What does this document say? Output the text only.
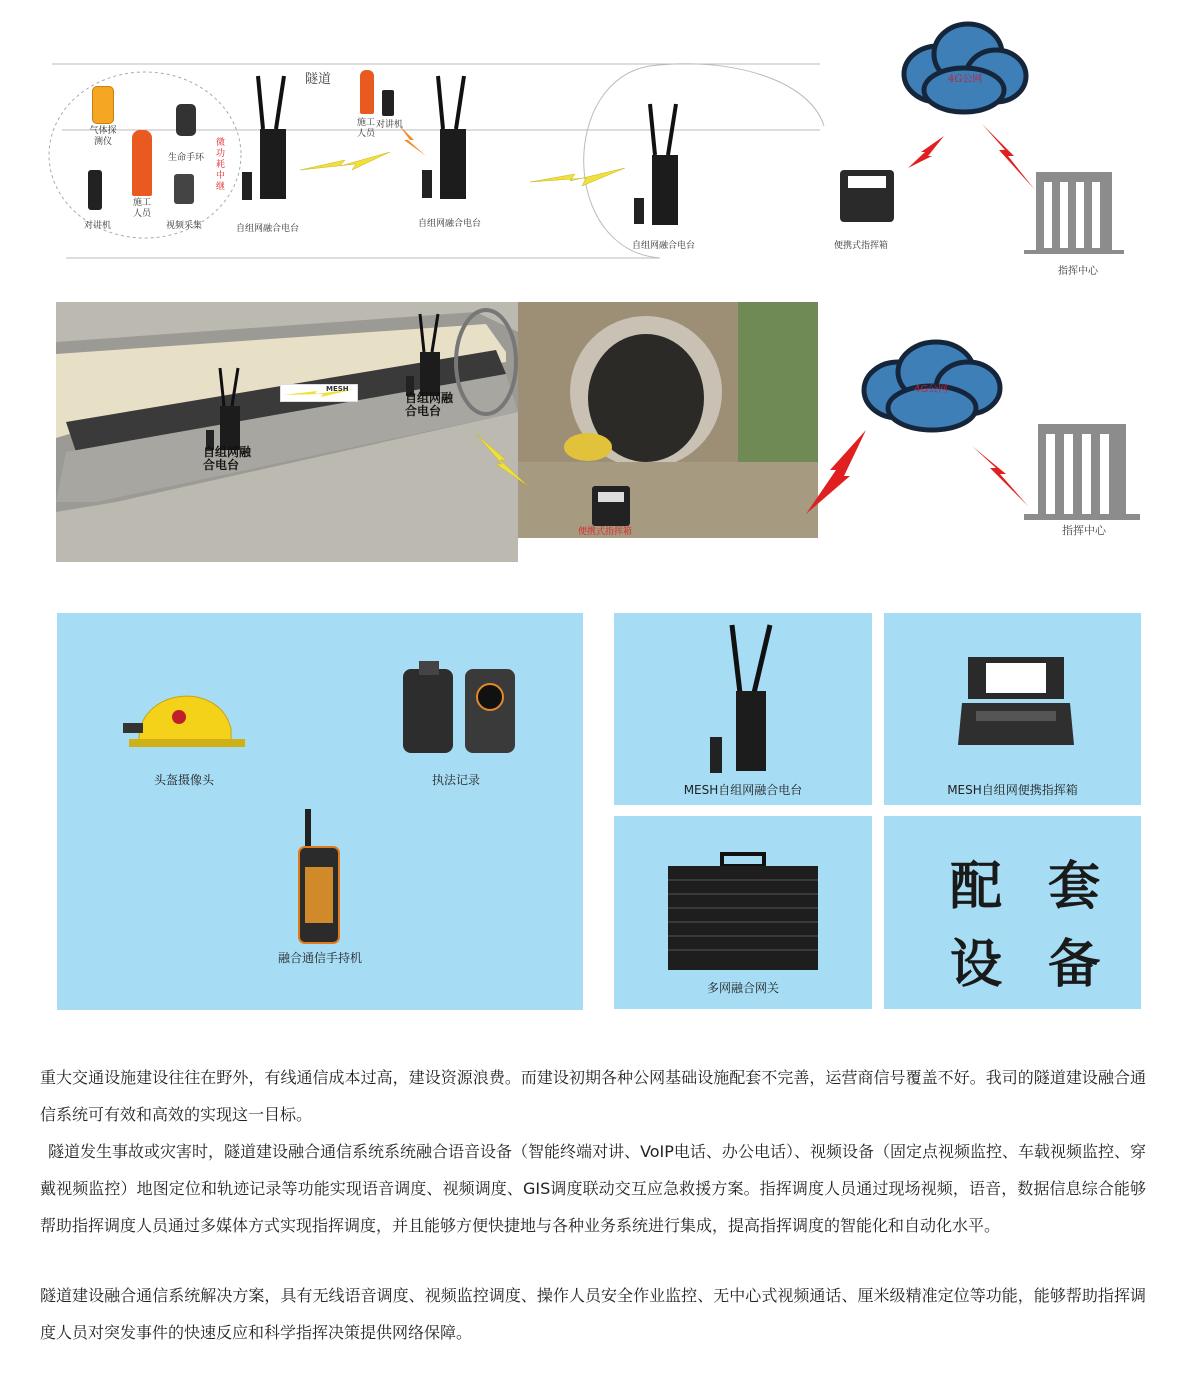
隧道
气体探测仪
生命手环
施工人员
对讲机	视频采集
微功耗中继
自组网融合电台
施工人员
对讲机
自组网融合电台
自组网融合电台	便携式指挥箱
4G公网
指挥中心
自组网融合电台
自组网融合电台
MESH
便携式指挥箱
4G公网
指挥中心
头盔摄像头	执法记录
融合通信手持机
MESH自组网融合电台	MESH自组网便携指挥箱
多网融合网关
配 套
设 备
重大交通设施建设往往在野外，有线通信成本过高，建设资源浪费。而建设初期各种公网基础设施配套不完善，运营商信号覆盖不好。我司的隧道建设融合通信系统可有效和高效的实现这一目标。
隧道发生事故或灾害时，隧道建设融合通信系统系统融合语音设备（智能终端对讲、VoIP电话、办公电话）、视频设备（固定点视频监控、车载视频监控、穿戴视频监控）地图定位和轨迹记录等功能实现语音调度、视频调度、GIS调度联动交互应急救援方案。指挥调度人员通过现场视频，语音，数据信息综合能够帮助指挥调度人员通过多媒体方式实现指挥调度，并且能够方便快捷地与各种业务系统进行集成，提高指挥调度的智能化和自动化水平。
隧道建设融合通信系统解决方案，具有无线语音调度、视频监控调度、操作人员安全作业监控、无中心式视频通话、厘米级精准定位等功能，能够帮助指挥调度人员对突发事件的快速反应和科学指挥决策提供网络保障。
